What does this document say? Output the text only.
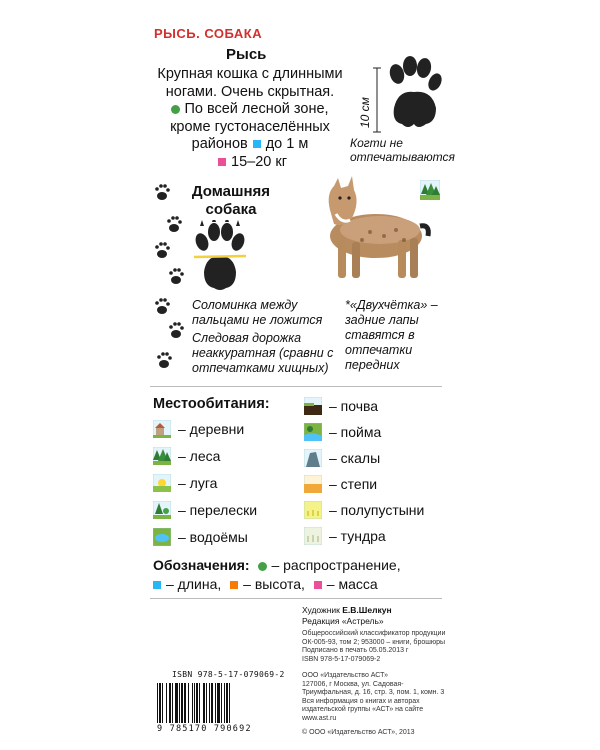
РЫСЬ. СОБАКА
Рысь
Крупная кошка с длинными ногами. Очень скрытная.
По всей лесной зоне, кроме густонаселённых районов до 1 м
15–20 кг
10 см
Когти не отпечатываются
Домашняя собака
Соломинка между пальцами не ложится
Следовая дорожка неаккуратная (сравни с отпечатками хищных)
*«Двухчётка» – задние лапы ставятся в отпечатки передних
Местообитания:
– деревни
– леса
– луга
– перелески
– водоёмы
– почва
– пойма
– скалы
– степи
– полупустыни
– тундра
Обозначения: – распространение,
– длина, – высота, – масса
Художник Е.В.Шелкун
Редакция «Астрель»
Общероссийский классификатор продукции ОК-005-93, том 2; 953000 – книги, брошюры
Подписано в печать 05.05.2013 г
ISBN 978-5-17-079069-2
ООО «Издательство АСТ»
127006, г Москва, ул. Садовая-Триумфальная, д. 16, стр. 3, пом. 1, комн. 3
Вся информация о книгах и авторах издательской группы «АСТ» на сайте www.ast.ru
© ООО «Издательство АСТ», 2013
ISBN 978-5-17-079069-2
9 785170 790692
